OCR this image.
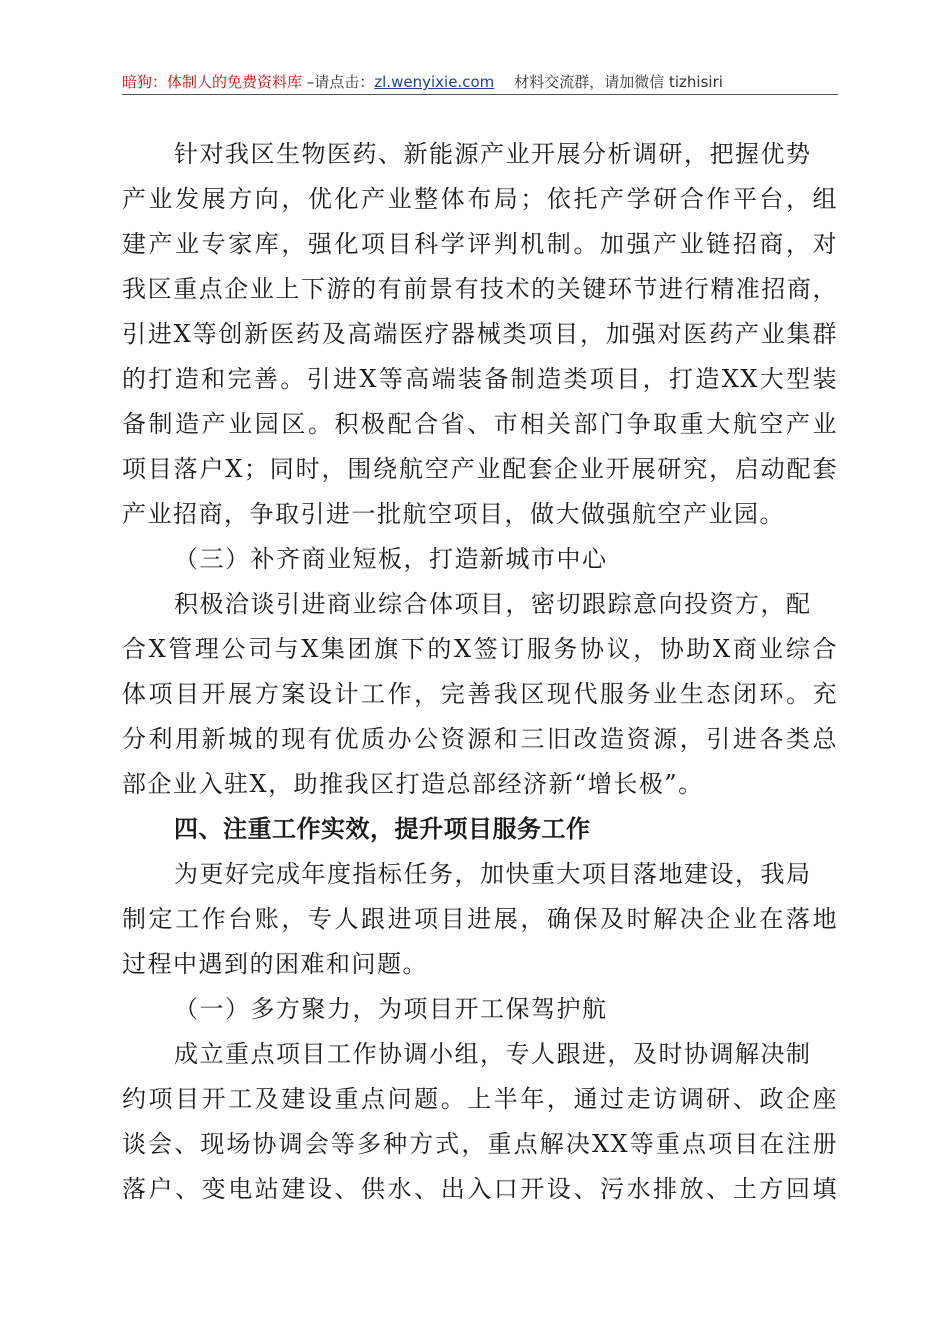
暗狗：体制人的免费资料库 –请点击：zl.wenyixie.com 材料交流群，请加微信 tizhisiri
针对我区生物医药、新能源产业开展分析调研，把握优势
产业发展方向，优化产业整体布局；依托产学研合作平台，组
建产业专家库，强化项目科学评判机制。加强产业链招商，对
我区重点企业上下游的有前景有技术的关键环节进行精准招商，
引进X等创新医药及高端医疗器械类项目，加强对医药产业集群
的打造和完善。引进X等高端装备制造类项目，打造XX大型装
备制造产业园区。积极配合省、市相关部门争取重大航空产业
项目落户X；同时，围绕航空产业配套企业开展研究，启动配套
产业招商，争取引进一批航空项目，做大做强航空产业园。
（三）补齐商业短板，打造新城市中心
积极洽谈引进商业综合体项目，密切跟踪意向投资方，配
合X管理公司与X集团旗下的X签订服务协议，协助X商业综合
体项目开展方案设计工作，完善我区现代服务业生态闭环。充
分利用新城的现有优质办公资源和三旧改造资源，引进各类总
部企业入驻X，助推我区打造总部经济新“增长极”。
四、注重工作实效，提升项目服务工作
为更好完成年度指标任务，加快重大项目落地建设，我局
制定工作台账，专人跟进项目进展，确保及时解决企业在落地
过程中遇到的困难和问题。
（一）多方聚力，为项目开工保驾护航
成立重点项目工作协调小组，专人跟进，及时协调解决制
约项目开工及建设重点问题。上半年，通过走访调研、政企座
谈会、现场协调会等多种方式，重点解决XX等重点项目在注册
落户、变电站建设、供水、出入口开设、污水排放、土方回填
